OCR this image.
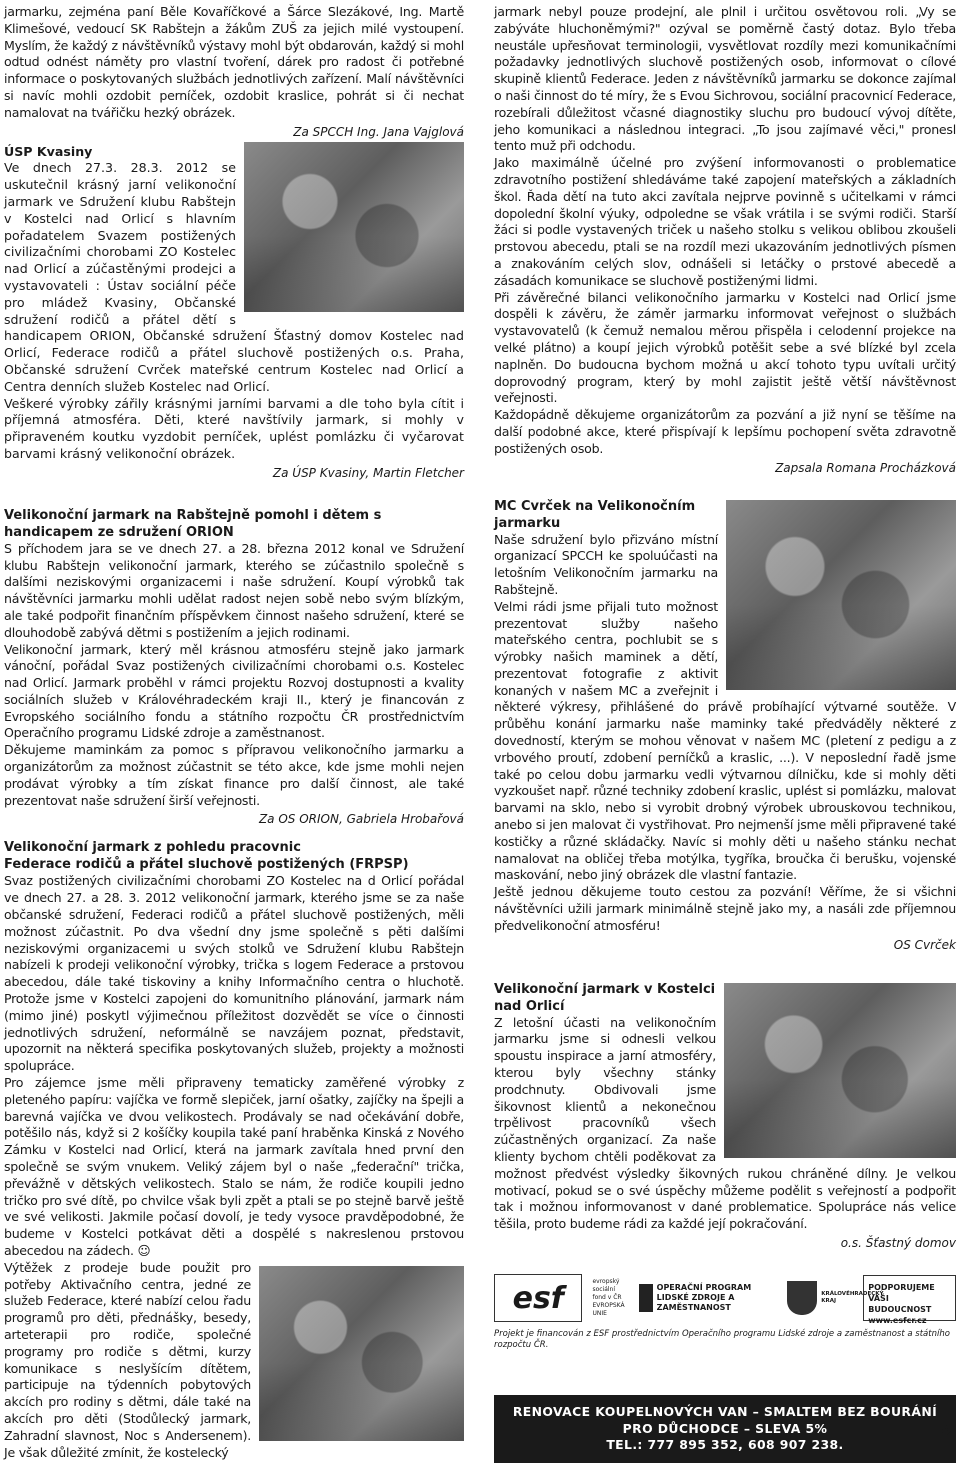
jarmarku, zejména paní Běle Kovaříčkové a Šárce Slezákové, Ing. Martě Klimešové, vedoucí SK Rabštejn a žákům ZUŠ za jejich milé vystoupení. Myslím, že každý z návštěvníků výstavy mohl být obdarován, každý si mohl odtud odnést náměty pro vlastní tvoření, dárek pro radost či potřebné informace o poskytovaných službách jednotlivých zařízení. Malí návštěvníci si navíc mohli ozdobit perníček, ozdobit kraslice, pohrát si či nechat namalovat na tvářičku hezký obrázek.

Za SPCCH Ing. Jana Vajglová
ÚSP Kvasiny

Ve dnech 27.3. 28.3. 2012 se uskutečnil krásný jarní velikonoční jarmark ve Sdružení klubu Rabštejn v Kostelci nad Orlicí s hlavním pořadatelem Svazem postižených civilizačními chorobami ZO Kostelec nad Orlicí a zúčastěnými prodejci a vystavovateli : Ústav sociální péče pro mládež Kvasiny, Občanské sdružení rodičů a přátel dětí s handicapem ORION, Občanské sdružení Šťastný domov Kostelec nad Orlicí, Federace rodičů a přátel sluchově postižených o.s. Praha, Občanské sdružení Cvrček mateřské centrum Kostelec nad Orlicí a Centra denních služeb Kostelec nad Orlicí.

Veškeré výrobky zářily krásnými jarními barvami a dle toho byla cítit i příjemná atmosféra. Děti, které navštívily jarmark, si mohly v připraveném koutku vyzdobit perníček, uplést pomlázku či vyčarovat barvami krásný velikonoční obrázek.

Za ÚSP Kvasiny, Martin Fletcher
Velikonoční jarmark na Rabštejně pomohl i dětem s handicapem ze sdružení ORION

S příchodem jara se ve dnech 27. a 28. března 2012 konal ve Sdružení klubu Rabštejn velikonoční jarmark, kterého se zúčastnilo společně s dalšími neziskovými organizacemi i naše sdružení. Koupí výrobků tak návštěvníci jarmarku mohli udělat radost nejen sobě nebo svým blízkým, ale také podpořit finančním příspěvkem činnost našeho sdružení, které se dlouhodobě zabývá dětmi s postižením a jejich rodinami.

Velikonoční jarmark, který měl krásnou atmosféru stejně jako jarmark vánoční, pořádal Svaz postižených civilizačními chorobami o.s. Kostelec nad Orlicí. Jarmark proběhl v rámci projektu Rozvoj dostupnosti a kvality sociálních služeb v Královéhradeckém kraji II., který je financován z Evropského sociálního fondu a státního rozpočtu ČR prostřednictvím Operačního programu Lidské zdroje a zaměstnanost.

Děkujeme maminkám za pomoc s přípravou velikonočního jarmarku a organizátorům za možnost zúčastnit se této akce, kde jsme mohli nejen prodávat výrobky a tím získat finance pro další činnost, ale také prezentovat naše sdružení širší veřejnosti.

Za OS ORION, Gabriela Hrobařová
Velikonoční jarmark z pohledu pracovnic
Federace rodičů a přátel sluchově postižených (FRPSP)

Svaz postižených civilizačními chorobami ZO Kostelec na d Orlicí pořádal ve dnech 27. a 28. 3. 2012 velikonoční jarmark, kterého jsme se za naše občanské sdružení, Federaci rodičů a přátel sluchově postižených, měli možnost zúčastnit. Po dva všední dny jsme společně s pěti dalšími neziskovými organizacemi u svých stolků ve Sdružení klubu Rabštejn nabízeli k prodeji velikonoční výrobky, trička s logem Federace a prstovou abecedou, dále také tiskoviny a knihy Informačního centra o hluchotě. Protože jsme v Kostelci zapojeni do komunitního plánování, jarmark nám (mimo jiné) poskytl výjimečnou příležitost dozvědět se více o činnosti jednotlivých sdružení, neformálně se navzájem poznat, představit, upozornit na některá specifika poskytovaných služeb, projekty a možnosti spolupráce.

Pro zájemce jsme měli připraveny tematicky zaměřené výrobky z pleteného papíru: vajíčka ve formě slepiček, jarní ošatky, zajíčky na špejli a barevná vajíčka ve dvou velikostech. Prodávaly se nad očekávání dobře, potěšilo nás, když si 2 košíčky koupila také paní hraběnka Kinská z Nového Zámku v Kostelci nad Orlicí, která na jarmark zavítala hned první den společně se svým vnukem. Veliký zájem byl o naše „federační" trička, převážně v dětských velikostech. Stalo se nám, že rodiče koupili jedno tričko pro své dítě, po chvilce však byli zpět a ptali se po stejně barvě ještě ve své velikosti. Jakmile počasí dovolí, je tedy vysoce pravděpodobné, že budeme v Kostelci potkávat děti a dospělé s nakreslenou prstovou abecedou na zádech. ☺

Výtěžek z prodeje bude použit pro potřeby Aktivačního centra, jedné ze služeb Federace, které nabízí celou řadu programů pro děti, přednášky, besedy, arteterapii pro rodiče, společné programy pro rodiče s dětmi, kurzy komunikace s neslyšícím dítětem, participuje na týdenních pobytových akcích pro rodiny s dětmi, dále také na akcích pro děti (Stodůlecký jarmark, Zahradní slavnost, Noc s Andersenem). Je však důležité zmínit, že kostelecký

jarmark nebyl pouze prodejní, ale plnil i určitou osvětovou roli. „Vy se zabýváte hluchoněmými?" ozýval se poměrně častý dotaz. Bylo třeba neustále upřesňovat terminologii, vysvětlovat rozdíly mezi komunikačními požadavky jednotlivých sluchově postižených osob, informovat o cílové skupině klientů Federace. Jeden z návštěvníků jarmarku se dokonce zajímal o naši činnost do té míry, že s Evou Sichrovou, sociální pracovnicí Federace, rozebírali důležitost včasné diagnostiky sluchu pro budoucí vývoj dítěte, jeho komunikaci a následnou integraci. „To jsou zajímavé věci," pronesl tento muž při odchodu.

Jako maximálně účelné pro zvýšení informovanosti o problematice zdravotního postižení shledáváme také zapojení mateřských a základních škol. Řada dětí na tuto akci zavítala nejprve povinně s učitelkami v rámci dopolední školní výuky, odpoledne se však vrátila i se svými rodiči. Starší žáci si podle vystavených triček u našeho stolku s velikou oblibou zkoušeli prstovou abecedu, ptali se na rozdíl mezi ukazováním jednotlivých písmen a znakováním celých slov, odnášeli si letáčky o prstové abecedě a zásadách komunikace se sluchově postiženými lidmi.

Při závěrečné bilanci velikonočního jarmarku v Kostelci nad Orlicí jsme dospěli k závěru, že záměr jarmarku informovat veřejnost o službách vystavovatelů (k čemuž nemalou měrou přispěla i celodenní projekce na velké plátno) a koupí jejich výrobků potěšit sebe a své blízké byl zcela naplněn. Do budoucna bychom možná u akcí tohoto typu uvítali určitý doprovodný program, který by mohl zajistit ještě větší návštěvnost veřejnosti.

Každopádně děkujeme organizátorům za pozvání a již nyní se těšíme na další podobné akce, které přispívají k lepšímu pochopení světa zdravotně postižených osob.

Zapsala Romana Procházková
MC Cvrček na Velikonočním jarmarku

Naše sdružení bylo přizváno místní organizací SPCCH ke spoluúčasti na letošním Velikonočním jarmarku na Rabštejně.

Velmi rádi jsme přijali tuto možnost prezentovat služby našeho mateřského centra, pochlubit se s výrobky našich maminek a dětí, prezentovat fotografie z aktivit konaných v našem MC a zveřejnit i některé výkresy, přihlášené do právě probíhající výtvarné soutěže. V průběhu konání jarmarku naše maminky také předváděly některé z dovedností, kterým se mohou věnovat v našem MC (pletení z pedigu a z vrbového proutí, zdobení perníčků a kraslic, ...). V neposlední řadě jsme také po celou dobu jarmarku vedli výtvarnou dílničku, kde si mohly děti vyzkoušet např. různé techniky zdobení kraslic, uplést si pomlázku, malovat barvami na sklo, nebo si vyrobit drobný výrobek ubrouskovou technikou, anebo si jen malovat či vystřihovat. Pro nejmenší jsme měli připravené také kostičky a různé skládačky. Navíc si mohly děti u našeho stánku nechat namalovat na obličej třeba motýlka, tygříka, broučka či berušku, vojenské maskování, nebo jiný obrázek dle vlastní fantazie.

Ještě jednou děkujeme touto cestou za pozvání! Věříme, že si všichni návštěvníci užili jarmark minimálně stejně jako my, a nasáli zde příjemnou předvelikonoční atmosféru!

OS Cvrček
Velikonoční jarmark v Kostelci nad Orlicí

Z letošní účasti na velikonočním jarmarku jsme si odnesli velkou spoustu inspirace a jarní atmosféry, kterou byly všechny stánky prodchnuty. Obdivovali jsme šikovnost klientů a nekonečnou trpělivost pracovníků všech zúčastněných organizací. Za naše klienty bychom chtěli poděkovat za možnost předvést výsledky šikovných rukou chráněné dílny. Je velkou motivací, pokud se o své úspěchy můžeme podělit s veřejností a podpořit tak i možnou informovanost v dané problematice. Spolupráce nás velice těšila, proto budeme rádi za každé její pokračování.

o.s. Šťastný domov
esf	evropský sociální fond v ČR
EVROPSKÁ UNIE
OPERAČNÍ PROGRAM LIDSKÉ ZDROJE A ZAMĚSTNANOST
KRÁLOVÉHRADECKÝ KRAJ
PODPORUJEME VAŠI BUDOUCNOST
www.esfcr.cz
Projekt je financován z ESF prostřednictvím Operačního programu Lidské zdroje a zaměstnanost a státního rozpočtu ČR.
RENOVACE KOUPELNOVÝCH VAN – SMALTEM BEZ BOURÁNÍ
PRO DŮCHODCE – SLEVA 5%
TEL.: 777 895 352, 608 907 238.
9
